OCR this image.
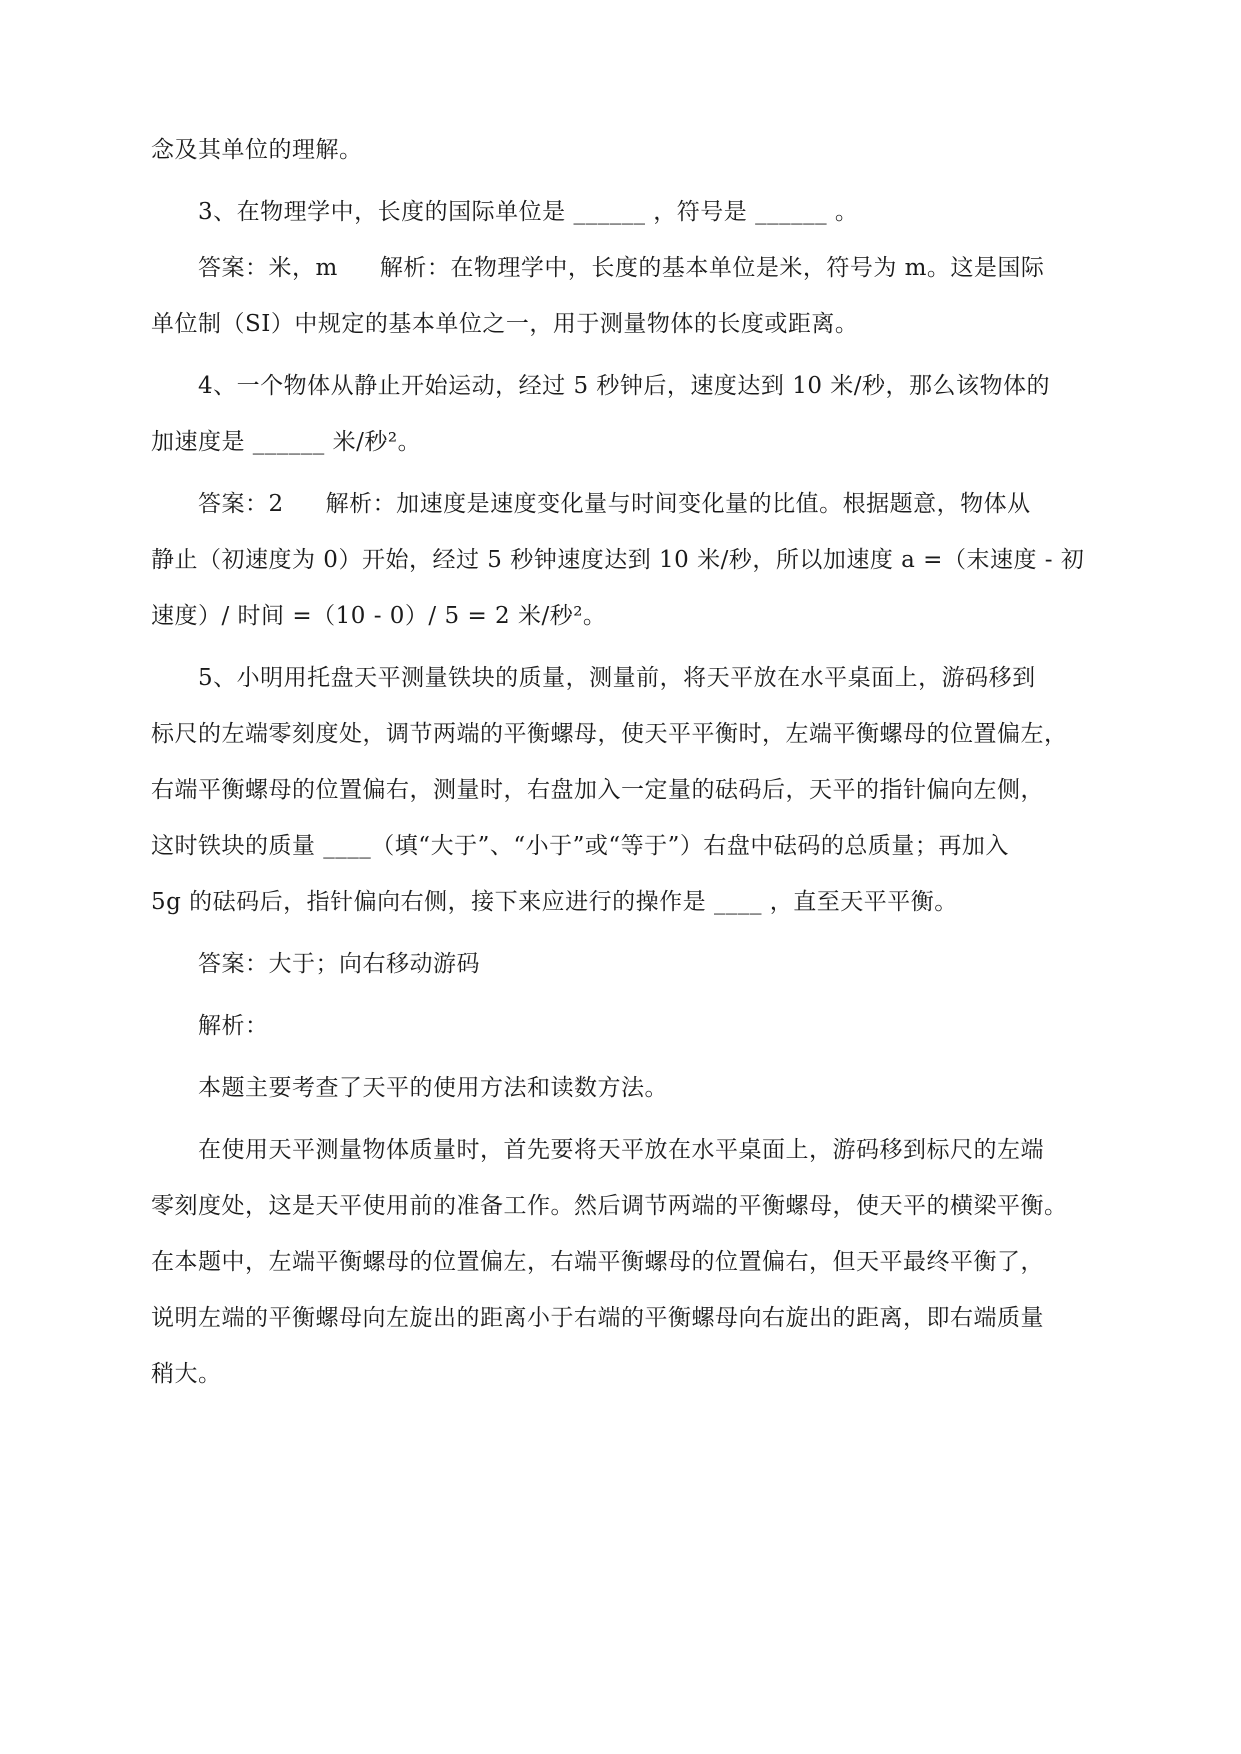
念及其单位的理解。
3、在物理学中，长度的国际单位是 ______ ，符号是 ______ 。
答案：米，m 解析：在物理学中，长度的基本单位是米，符号为 m。这是国际
单位制（SI）中规定的基本单位之一，用于测量物体的长度或距离。
4、一个物体从静止开始运动，经过 5 秒钟后，速度达到 10 米/秒，那么该物体的
加速度是 ______ 米/秒²。
答案：2 解析：加速度是速度变化量与时间变化量的比值。根据题意，物体从
静止（初速度为 0）开始，经过 5 秒钟速度达到 10 米/秒，所以加速度 a =（末速度 - 初
速度）/ 时间 =（10 - 0）/ 5 = 2 米/秒²。
5、小明用托盘天平测量铁块的质量，测量前，将天平放在水平桌面上，游码移到
标尺的左端零刻度处，调节两端的平衡螺母，使天平平衡时，左端平衡螺母的位置偏左，
右端平衡螺母的位置偏右，测量时，右盘加入一定量的砝码后，天平的指针偏向左侧，
这时铁块的质量 ____（填“大于”、“小于”或“等于”）右盘中砝码的总质量；再加入
5g 的砝码后，指针偏向右侧，接下来应进行的操作是 ____ ，直至天平平衡。
答案：大于；向右移动游码
解析：
本题主要考查了天平的使用方法和读数方法。
在使用天平测量物体质量时，首先要将天平放在水平桌面上，游码移到标尺的左端
零刻度处，这是天平使用前的准备工作。然后调节两端的平衡螺母，使天平的横梁平衡。
在本题中，左端平衡螺母的位置偏左，右端平衡螺母的位置偏右，但天平最终平衡了，
说明左端的平衡螺母向左旋出的距离小于右端的平衡螺母向右旋出的距离，即右端质量
稍大。
